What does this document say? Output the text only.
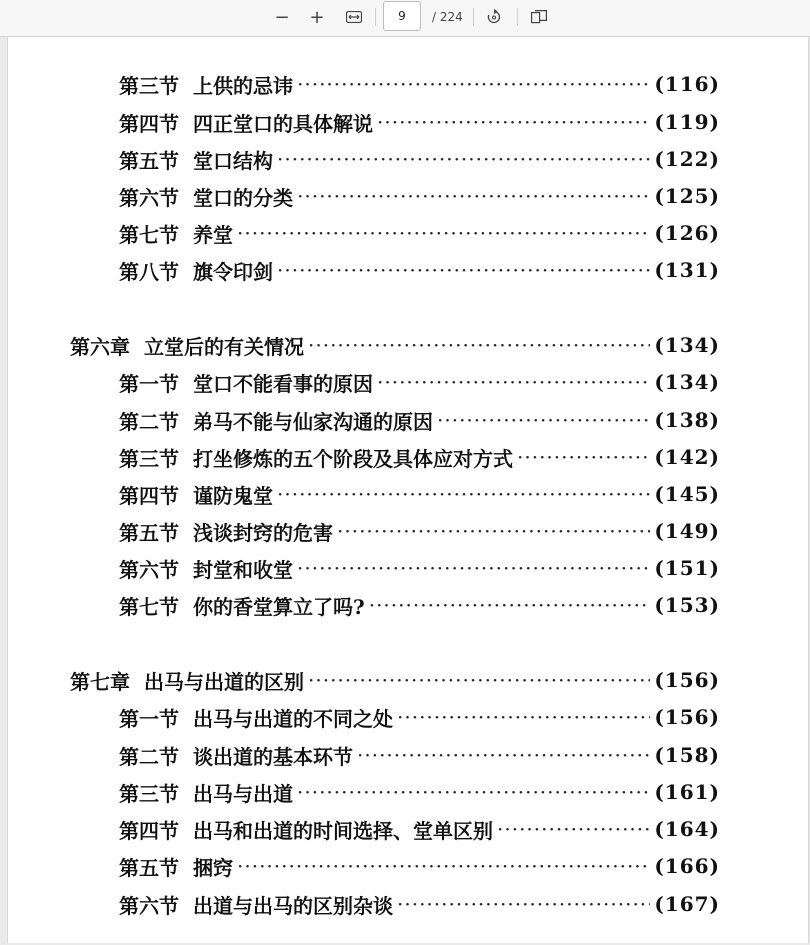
− +
9	/ 224
第三节 上供的忌讳 ·····	(116)
第四节 四正堂口的具体解说 ·····	(119)
第五节 堂口结构 ·····	(122)
第六节 堂口的分类 ·····	(125)
第七节 养堂 ·····	(126)
第八节 旗令印剑 ·····	(131)
第六章 立堂后的有关情况 ·····	(134)
第一节 堂口不能看事的原因 ·····	(134)
第二节 弟马不能与仙家沟通的原因 ·····	(138)
第三节 打坐修炼的五个阶段及具体应对方式 ·····	(142)
第四节 谨防鬼堂 ·····	(145)
第五节 浅谈封窍的危害 ·····	(149)
第六节 封堂和收堂 ·····	(151)
第七节 你的香堂算立了吗? ·····	(153)
第七章 出马与出道的区别 ·····	(156)
第一节 出马与出道的不同之处 ·····	(156)
第二节 谈出道的基本环节 ·····	(158)
第三节 出马与出道 ·····	(161)
第四节 出马和出道的时间选择、堂单区别 ·····	(164)
第五节 捆窍 ·····	(166)
第六节 出道与出马的区别杂谈 ·····	(167)
